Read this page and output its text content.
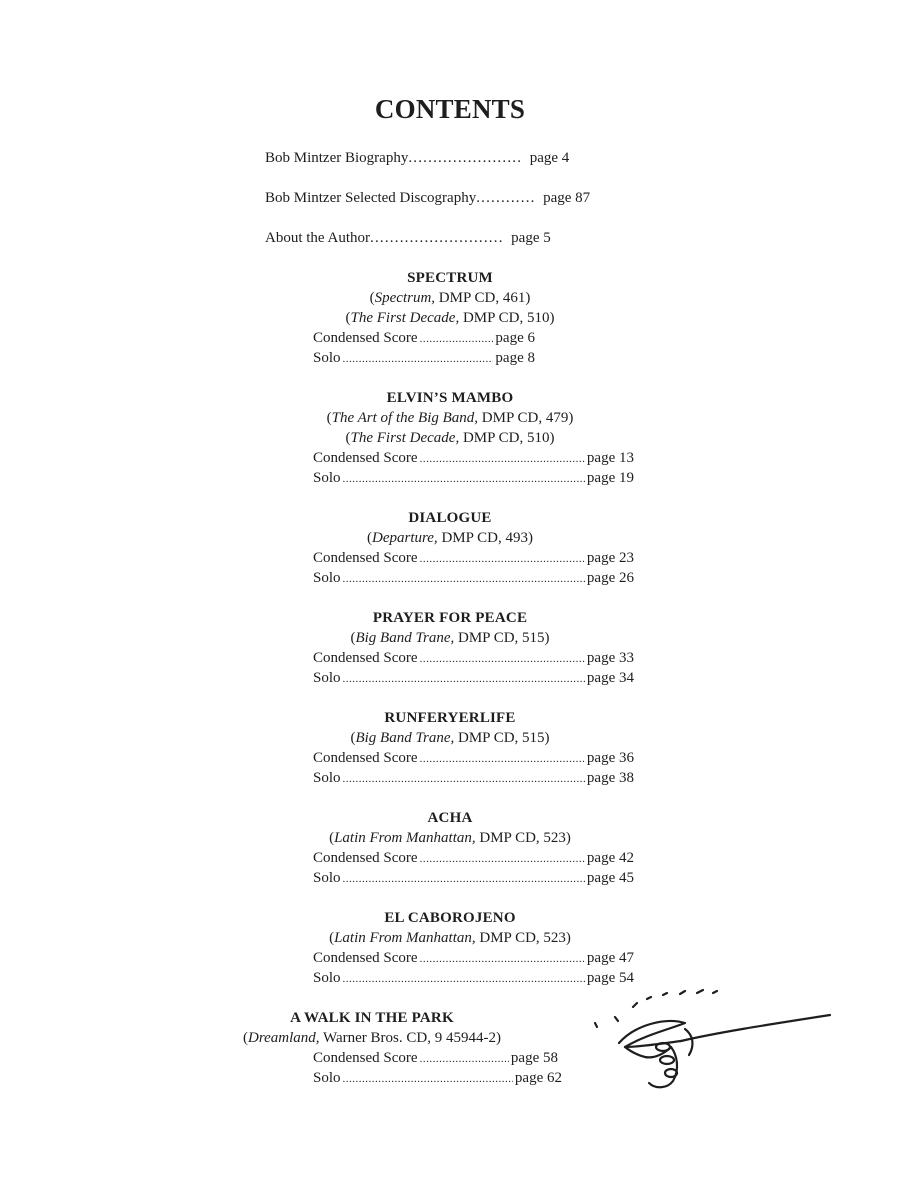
CONTENTS
Bob Mintzer Biography....................... page 4
Bob Mintzer Selected Discography............ page 87
About the Author........................... page 5
SPECTRUM
(Spectrum, DMP CD, 461)
(The First Decade, DMP CD, 510)
Condensed Score .....	page 6
Solo .....	page 8
ELVIN’S MAMBO
(The Art of the Big Band, DMP CD, 479)
(The First Decade, DMP CD, 510)
Condensed Score .....	page 13
Solo .....	page 19
DIALOGUE
(Departure, DMP CD, 493)
Condensed Score .....	page 23
Solo .....	page 26
PRAYER FOR PEACE
(Big Band Trane, DMP CD, 515)
Condensed Score .....	page 33
Solo .....	page 34
RUNFERYERLIFE
(Big Band Trane, DMP CD, 515)
Condensed Score .....	page 36
Solo .....	page 38
ACHA
(Latin From Manhattan, DMP CD, 523)
Condensed Score .....	page 42
Solo .....	page 45
EL CABOROJENO
(Latin From Manhattan, DMP CD, 523)
Condensed Score .....	page 47
Solo .....	page 54
A WALK IN THE PARK
(Dreamland, Warner Bros. CD, 9 45944-2)
Condensed Score .....	page 58
Solo .....	page 62
